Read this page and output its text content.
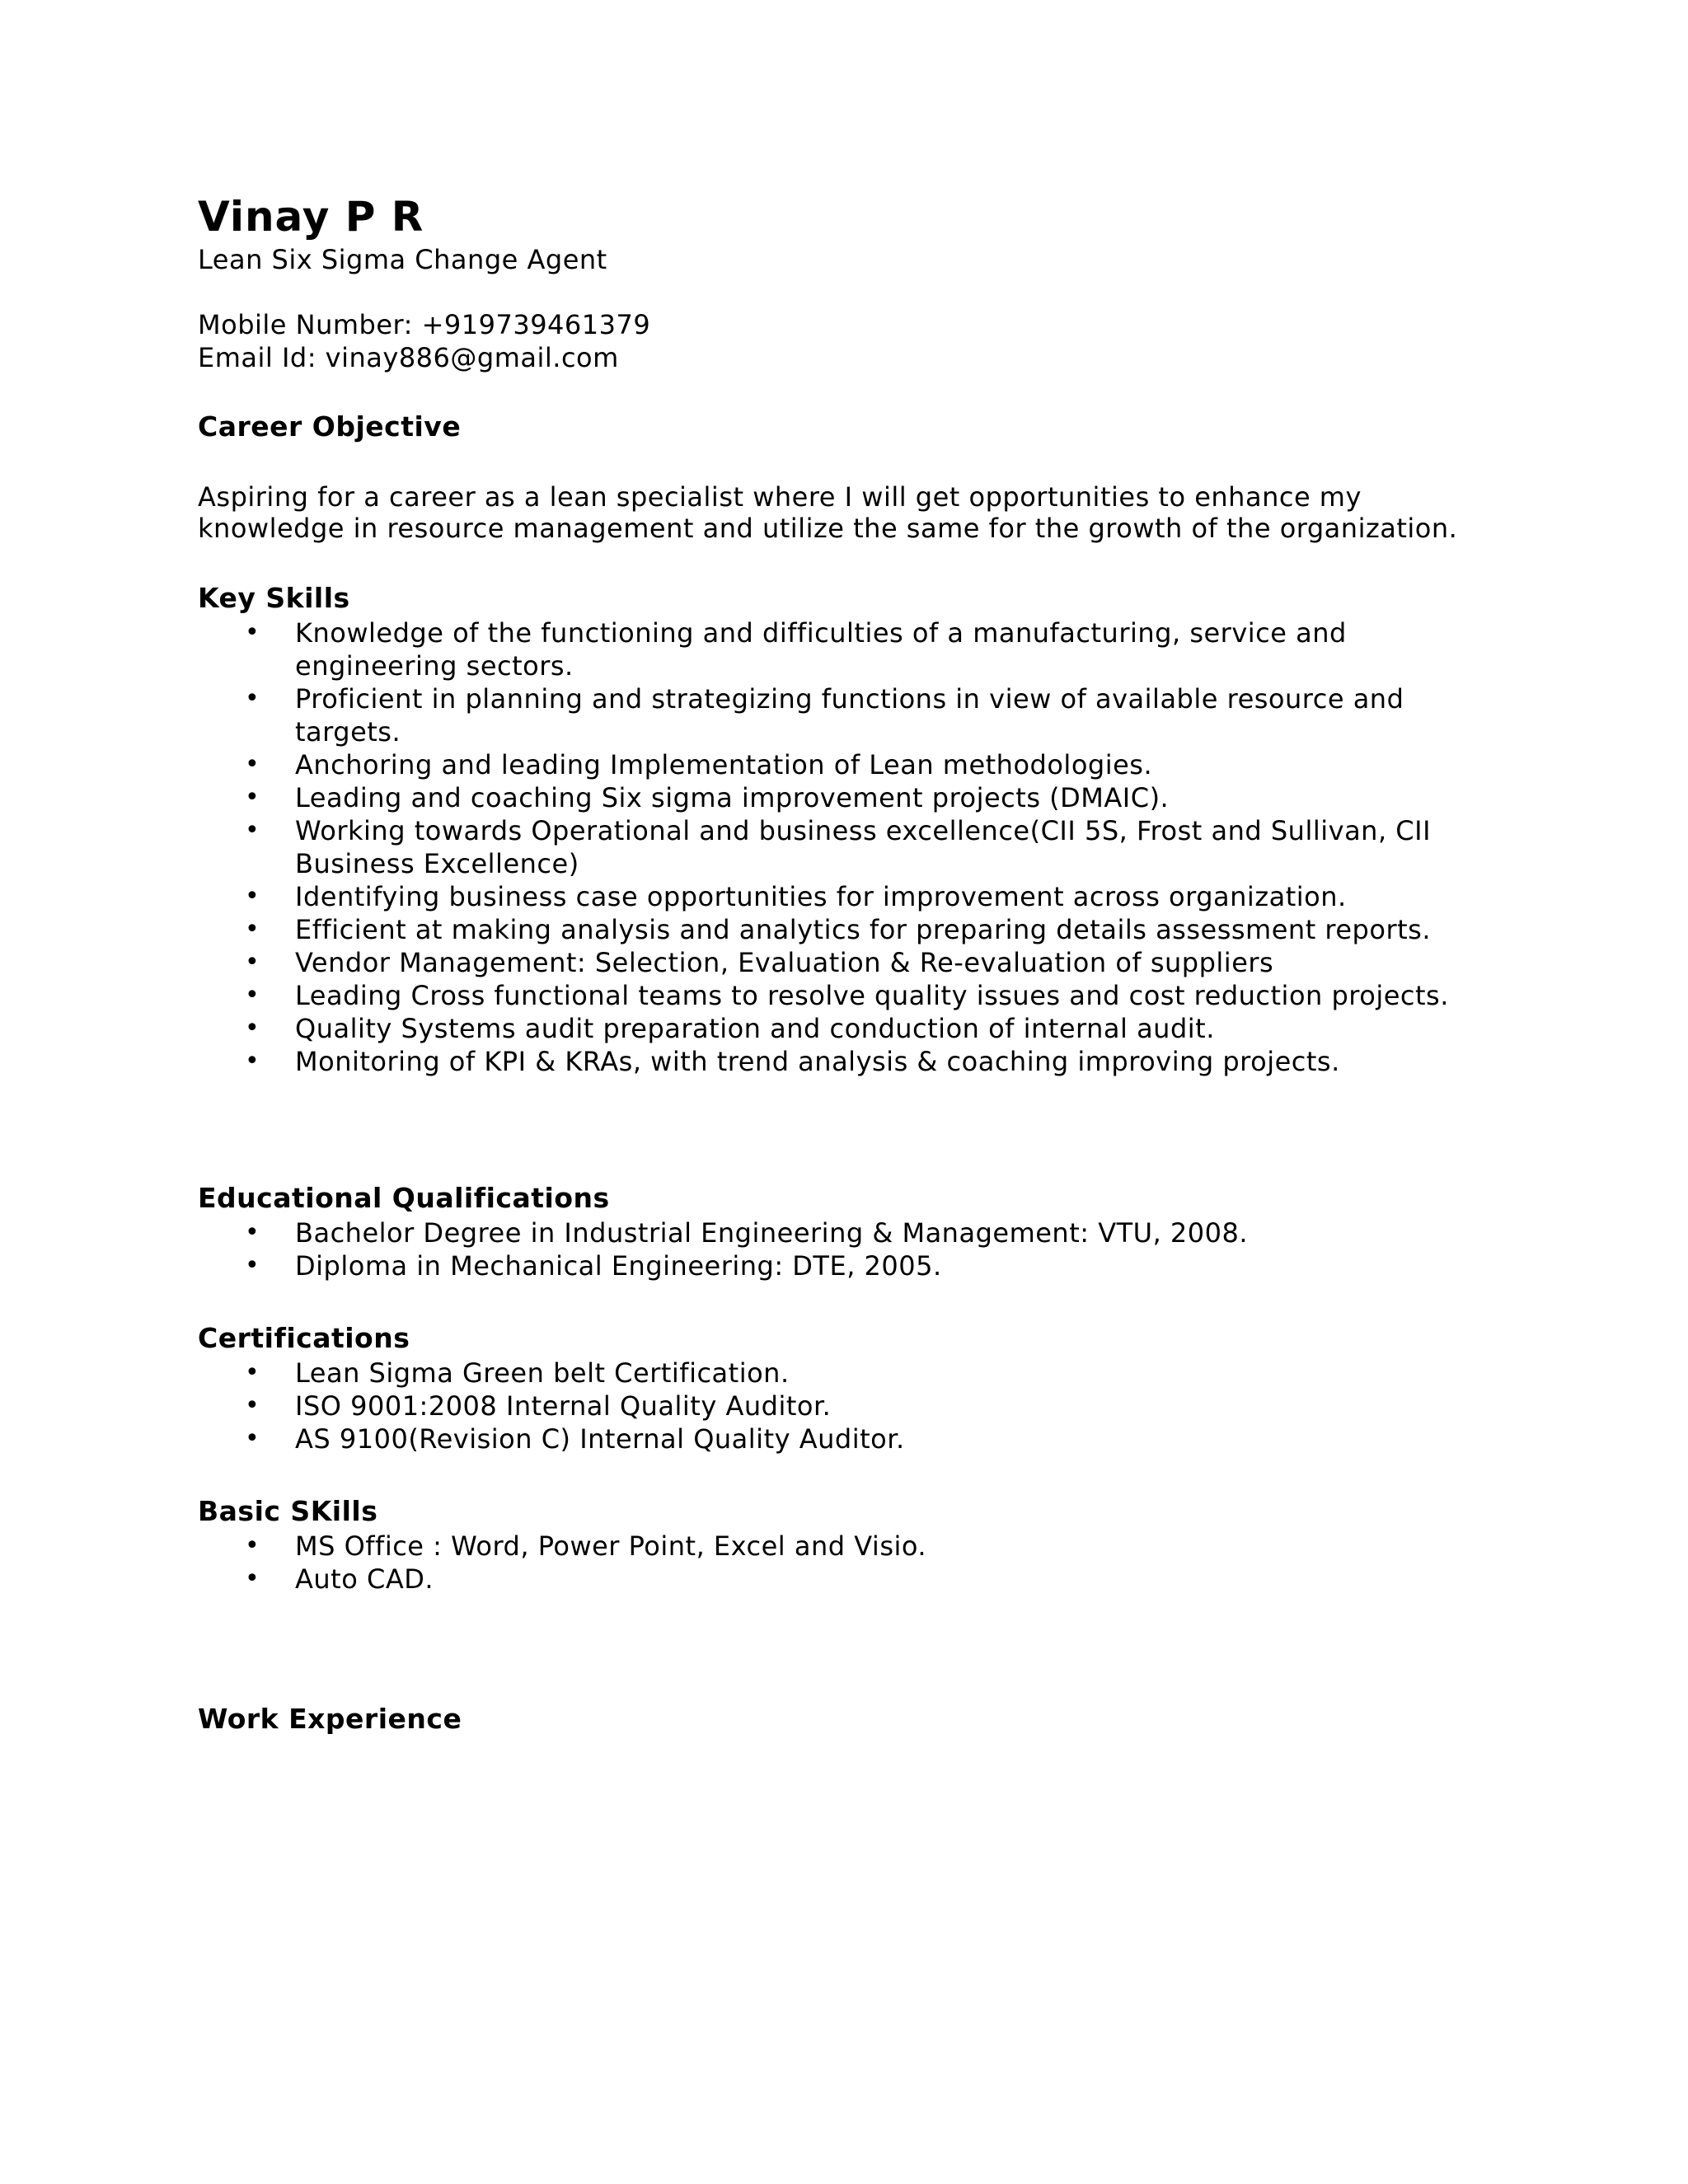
Vinay P R

Lean Six Sigma Change Agent

Mobile Number: +919739461379
Email Id: vinay886@gmail.com
Career Objective

Aspiring for a career as a lean specialist where I will get opportunities to enhance my

knowledge in resource management and utilize the same for the growth of the organization.

Key Skills
• Knowledge of the functioning and difficulties of a manufacturing, service and engineering sectors.
• Proficient in planning and strategizing functions in view of available resource and targets.
• Anchoring and leading Implementation of Lean methodologies.
• Leading and coaching Six sigma improvement projects (DMAIC).
• Working towards Operational and business excellence(CII 5S, Frost and Sullivan, CII Business Excellence)
• Identifying business case opportunities for improvement across organization.
• Efficient at making analysis and analytics for preparing details assessment reports.
• Vendor Management: Selection, Evaluation & Re-evaluation of suppliers
• Leading Cross functional teams to resolve quality issues and cost reduction projects.
• Quality Systems audit preparation and conduction of internal audit.
• Monitoring of KPI & KRAs, with trend analysis & coaching improving projects.
Educational Qualifications
• Bachelor Degree in Industrial Engineering & Management: VTU, 2008.
• Diploma in Mechanical Engineering: DTE, 2005.
Certifications
• Lean Sigma Green belt Certification.
• ISO 9001:2008 Internal Quality Auditor.
• AS 9100(Revision C) Internal Quality Auditor.
Basic SKills
• MS Office : Word, Power Point, Excel and Visio.
• Auto CAD.
Work Experience
